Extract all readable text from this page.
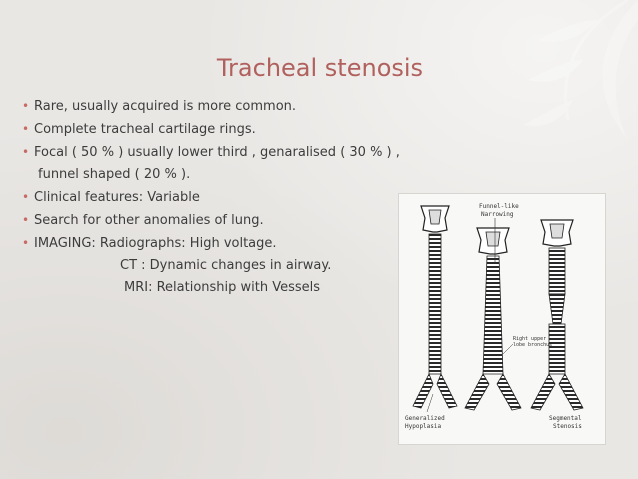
Tracheal stenosis
• Rare, usually acquired is more common.
• Complete tracheal cartilage rings.
• Focal ( 50 % ) usually lower third , genaralised ( 30 % ) ,
funnel shaped ( 20 % ).
• Clinical features: Variable
• Search for other anomalies of lung.
• IMAGING: Radiographs: High voltage.
CT : Dynamic changes in airway.
MRI: Relationship with Vessels
Funnel-like
Narrowing
Right upper
lobe bronchus
Generalized
Hypoplasia
Segmental
Stenosis
